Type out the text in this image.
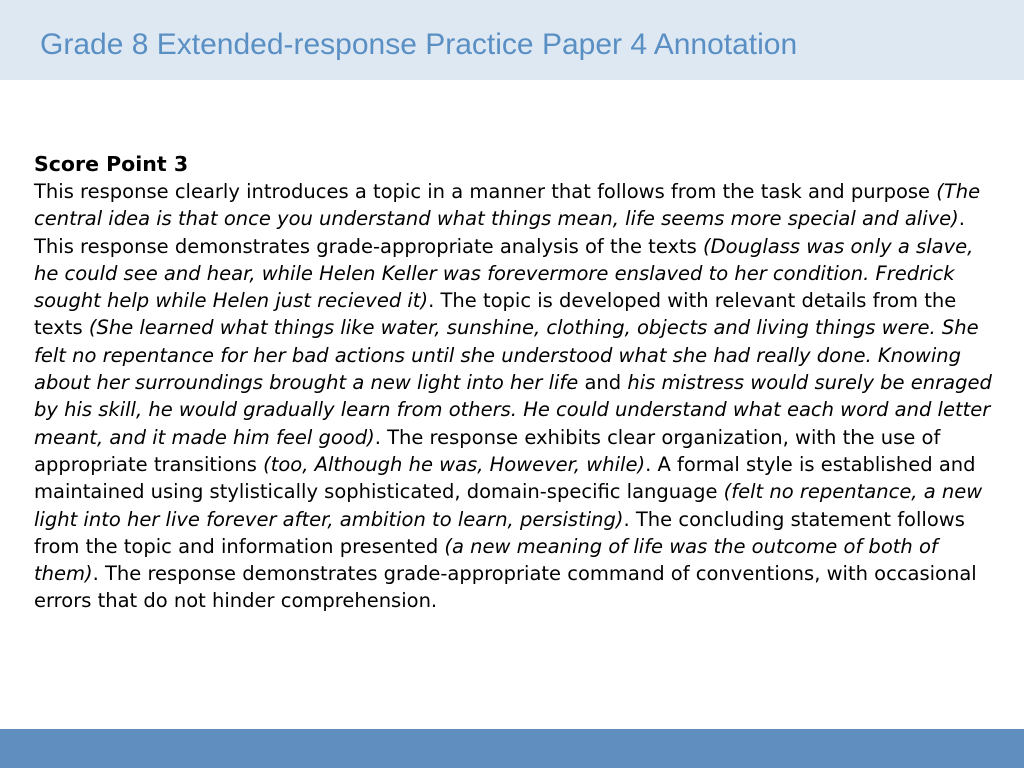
Grade 8 Extended-response Practice Paper 4 Annotation
Score Point 3

This response clearly introduces a topic in a manner that follows from the task and purpose (The central idea is that once you understand what things mean, life seems more special and alive). This response demonstrates grade-appropriate analysis of the texts (Douglass was only a slave, he could see and hear, while Helen Keller was forevermore enslaved to her condition. Fredrick sought help while Helen just recieved it). The topic is developed with relevant details from the texts (She learned what things like water, sunshine, clothing, objects and living things were. She felt no repentance for her bad actions until she understood what she had really done. Knowing about her surroundings brought a new light into her life and his mistress would surely be enraged by his skill, he would gradually learn from others. He could understand what each word and letter meant, and it made him feel good). The response exhibits clear organization, with the use of appropriate transitions (too, Although he was, However, while). A formal style is established and maintained using stylistically sophisticated, domain-specific language (felt no repentance, a new light into her live forever after, ambition to learn, persisting). The concluding statement follows from the topic and information presented (a new meaning of life was the outcome of both of them). The response demonstrates grade-appropriate command of conventions, with occasional errors that do not hinder comprehension.
